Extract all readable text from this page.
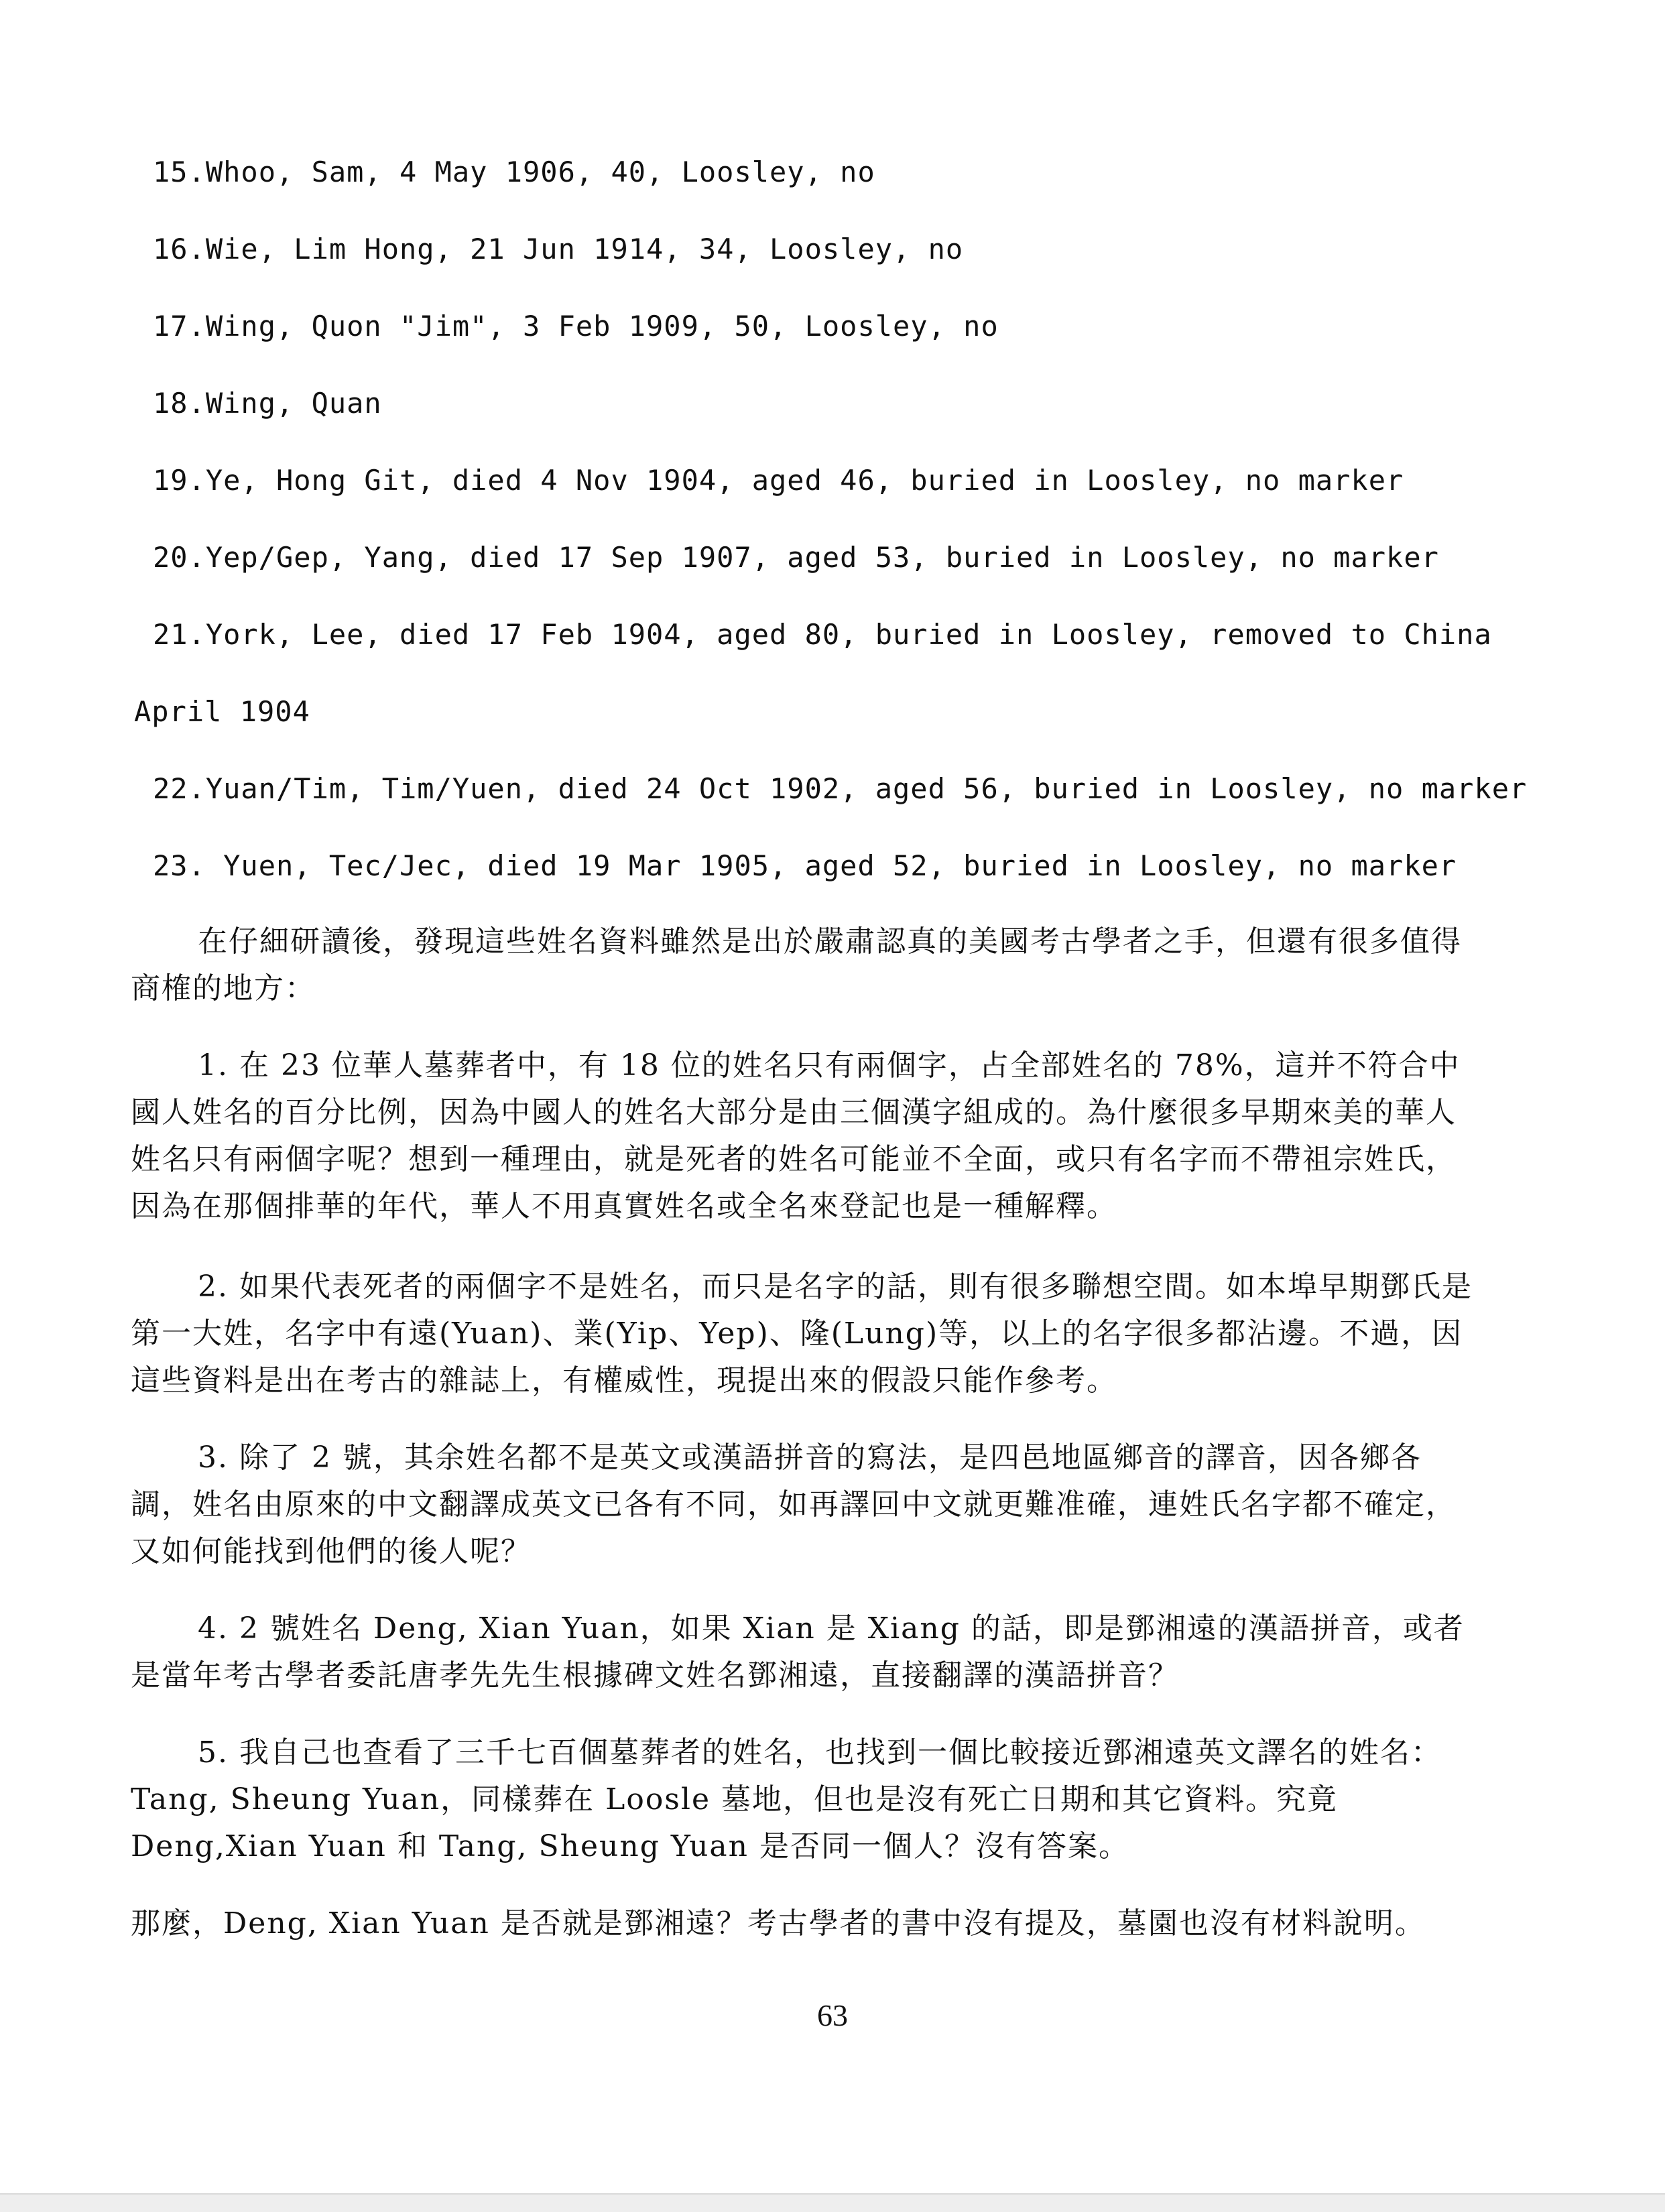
15.Whoo, Sam, 4 May 1906, 40, Loosley, no
16.Wie, Lim Hong, 21 Jun 1914, 34, Loosley, no
17.Wing, Quon "Jim", 3 Feb 1909, 50, Loosley, no
18.Wing, Quan
19.Ye, Hong Git, died 4 Nov 1904, aged 46, buried in Loosley, no marker
20.Yep/Gep, Yang, died 17 Sep 1907, aged 53, buried in Loosley, no marker
21.York, Lee, died 17 Feb 1904, aged 80, buried in Loosley, removed to China
April 1904
22.Yuan/Tim, Tim/Yuen, died 24 Oct 1902, aged 56, buried in Loosley, no marker
23. Yuen, Tec/Jec, died 19 Mar 1905, aged 52, buried in Loosley, no marker
在仔細研讀後，發現這些姓名資料雖然是出於嚴肅認真的美國考古學者之手，但還有很多值得商榷的地方：
1. 在 23 位華人墓葬者中，有 18 位的姓名只有兩個字，占全部姓名的 78%，這并不符合中國人姓名的百分比例，因為中國人的姓名大部分是由三個漢字組成的。為什麼很多早期來美的華人姓名只有兩個字呢？想到一種理由，就是死者的姓名可能並不全面，或只有名字而不帶祖宗姓氏，因為在那個排華的年代，華人不用真實姓名或全名來登記也是一種解釋。
2. 如果代表死者的兩個字不是姓名，而只是名字的話，則有很多聯想空間。如本埠早期鄧氏是第一大姓，名字中有遠(Yuan)、業(Yip、Yep)、隆(Lung)等，以上的名字很多都沾邊。不過，因這些資料是出在考古的雜誌上，有權威性，現提出來的假設只能作參考。
3. 除了 2 號，其余姓名都不是英文或漢語拼音的寫法，是四邑地區鄉音的譯音，因各鄉各調，姓名由原來的中文翻譯成英文已各有不同，如再譯回中文就更難准確，連姓氏名字都不確定，又如何能找到他們的後人呢？
4. 2 號姓名 Deng, Xian Yuan，如果 Xian 是 Xiang 的話，即是鄧湘遠的漢語拼音，或者是當年考古學者委託唐孝先先生根據碑文姓名鄧湘遠，直接翻譯的漢語拼音？
5. 我自己也查看了三千七百個墓葬者的姓名，也找到一個比較接近鄧湘遠英文譯名的姓名：Tang, Sheung Yuan，同樣葬在 Loosle 墓地，但也是沒有死亡日期和其它資料。究竟 Deng,Xian Yuan 和 Tang, Sheung Yuan 是否同一個人？沒有答案。
那麼，Deng, Xian Yuan 是否就是鄧湘遠？考古學者的書中沒有提及，墓園也沒有材料說明。
63
